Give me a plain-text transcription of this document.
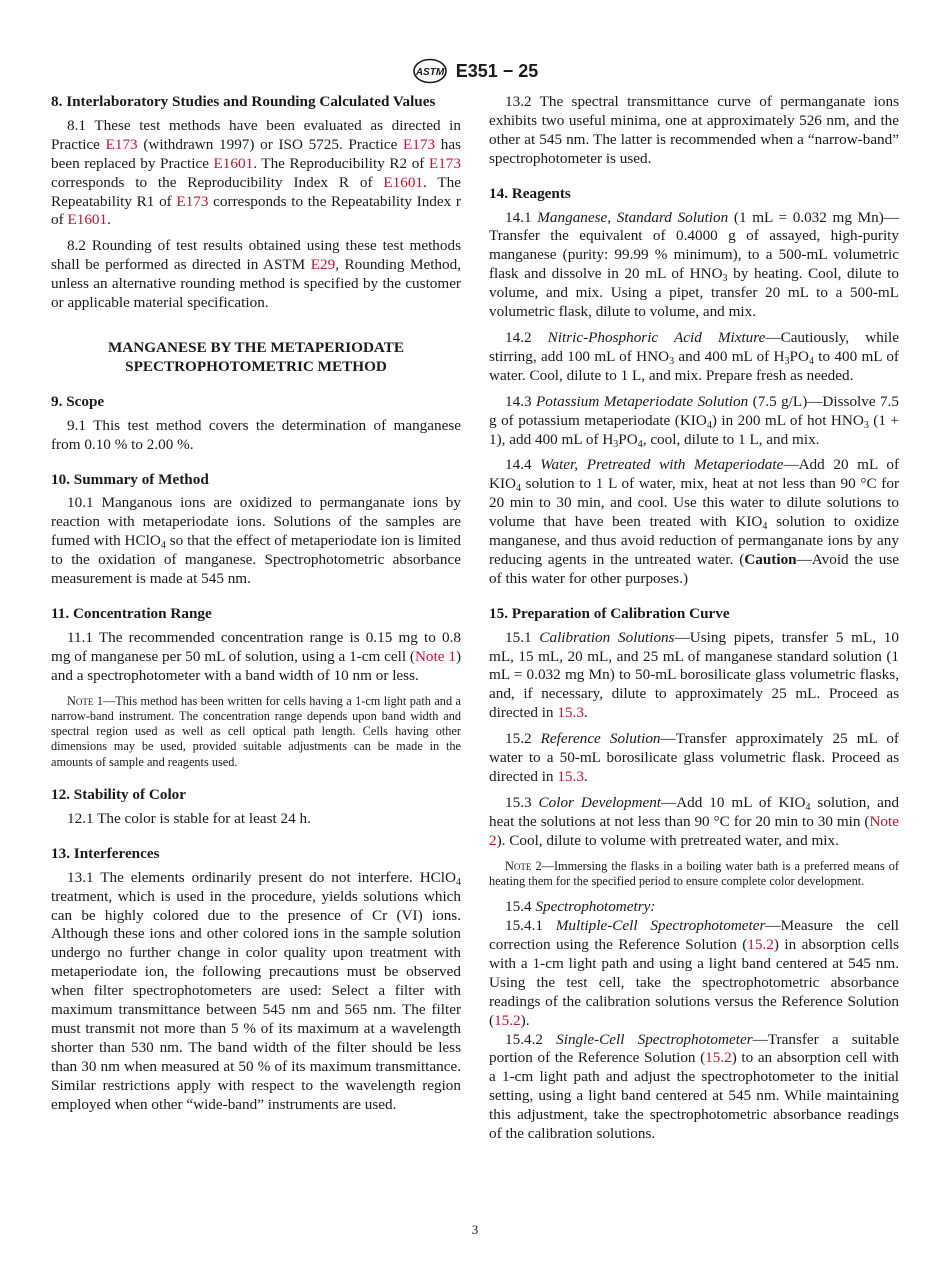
ASTM E351 − 25
8. Interlaboratory Studies and Rounding Calculated Values

8.1 These test methods have been evaluated as directed in Practice E173 (withdrawn 1997) or ISO 5725. Practice E173 has been replaced by Practice E1601. The Reproducibility R2 of E173 corresponds to the Reproducibility Index R of E1601. The Repeatability R1 of E173 corresponds to the Repeatability Index r of E1601.

8.2 Rounding of test results obtained using these test methods shall be performed as directed in ASTM E29, Rounding Method, unless an alternative rounding method is specified by the customer or applicable material specification.

MANGANESE BY THE METAPERIODATE
SPECTROPHOTOMETRIC METHOD
9. Scope

9.1 This test method covers the determination of manganese from 0.10 % to 2.00 %.

10. Summary of Method

10.1 Manganous ions are oxidized to permanganate ions by reaction with metaperiodate ions. Solutions of the samples are fumed with HClO$_4$ so that the effect of metaperiodate ion is limited to the oxidation of manganese. Spectrophotometric absorbance measurement is made at 545 nm.

11. Concentration Range

11.1 The recommended concentration range is 0.15 mg to 0.8 mg of manganese per 50 mL of solution, using a 1-cm cell (Note 1) and a spectrophotometer with a band width of 10 nm or less.

Note 1—This method has been written for cells having a 1-cm light path and a narrow-band instrument. The concentration range depends upon band width and spectral region used as well as cell optical path length. Cells having other dimensions may be used, provided suitable adjustments can be made in the amounts of sample and reagents used.
12. Stability of Color

12.1 The color is stable for at least 24 h.

13. Interferences

13.1 The elements ordinarily present do not interfere. HClO$_4$ treatment, which is used in the procedure, yields solutions which can be highly colored due to the presence of Cr (VI) ions. Although these ions and other colored ions in the sample solution undergo no further change in color quality upon treatment with metaperiodate ion, the following precautions must be observed when filter spectrophotometers are used: Select a filter with maximum transmittance between 545 nm and 565 nm. The filter must transmit not more than 5 % of its maximum at a wavelength shorter than 530 nm. The band width of the filter should be less than 30 nm when measured at 50 % of its maximum transmittance. Similar restrictions apply with respect to the wavelength region employed when other “wide-band” instruments are used.

13.2 The spectral transmittance curve of permanganate ions exhibits two useful minima, one at approximately 526 nm, and the other at 545 nm. The latter is recommended when a “narrow-band” spectrophotometer is used.

14. Reagents

14.1 Manganese, Standard Solution (1 mL = 0.032 mg Mn)—Transfer the equivalent of 0.4000 g of assayed, high-purity manganese (purity: 99.99 % minimum), to a 500-mL volumetric flask and dissolve in 20 mL of $HNO_3$ by heating. Cool, dilute to volume, and mix. Using a pipet, transfer 20 mL to a 500-mL volumetric flask, dilute to volume, and mix.

14.2 Nitric-Phosphoric Acid Mixture—Cautiously, while stirring, add 100 mL of $HNO_3$ and 400 mL of $H_3PO_4$ to 400 mL of water. Cool, dilute to 1 L, and mix. Prepare fresh as needed.

14.3 Potassium Metaperiodate Solution (7.5 g/L)—Dissolve 7.5 g of potassium metaperiodate $(KIO_4)$ in 200 mL of hot $HNO_3$ (1 + 1), add 400 mL of $H_3PO_4$, cool, dilute to 1 L, and mix.

14.4 Water, Pretreated with Metaperiodate—Add 20 mL of $KIO_4$ solution to 1 L of water, mix, heat at not less than 90 °C for 20 min to 30 min, and cool. Use this water to dilute solutions to volume that have been treated with $KIO_4$ solution to oxidize manganese, and thus avoid reduction of permanganate ions by any reducing agents in the untreated water. (Caution—Avoid the use of this water for other purposes.)

15. Preparation of Calibration Curve

15.1 Calibration Solutions—Using pipets, transfer 5 mL, 10 mL, 15 mL, 20 mL, and 25 mL of manganese standard solution (1 mL = 0.032 mg Mn) to 50-mL borosilicate glass volumetric flasks, and, if necessary, dilute to approximately 25 mL. Proceed as directed in 15.3.

15.2 Reference Solution—Transfer approximately 25 mL of water to a 50-mL borosilicate glass volumetric flask. Proceed as directed in 15.3.

15.3 Color Development—Add 10 mL of $KIO_4$ solution, and heat the solutions at not less than 90 °C for 20 min to 30 min (Note 2). Cool, dilute to volume with pretreated water, and mix.

Note 2—Immersing the flasks in a boiling water bath is a preferred means of heating them for the specified period to ensure complete color development.

15.4 Spectrophotometry:

15.4.1 Multiple-Cell Spectrophotometer—Measure the cell correction using the Reference Solution (15.2) in absorption cells with a 1-cm light path and using a light band centered at 545 nm. Using the test cell, take the spectrophotometric absorbance readings of the calibration solutions versus the Reference Solution (15.2).

15.4.2 Single-Cell Spectrophotometer—Transfer a suitable portion of the Reference Solution (15.2) to an absorption cell with a 1-cm light path and adjust the spectrophotometer to the initial setting, using a light band centered at 545 nm. While maintaining this adjustment, take the spectrophotometric absorbance readings of the calibration solutions.

3
